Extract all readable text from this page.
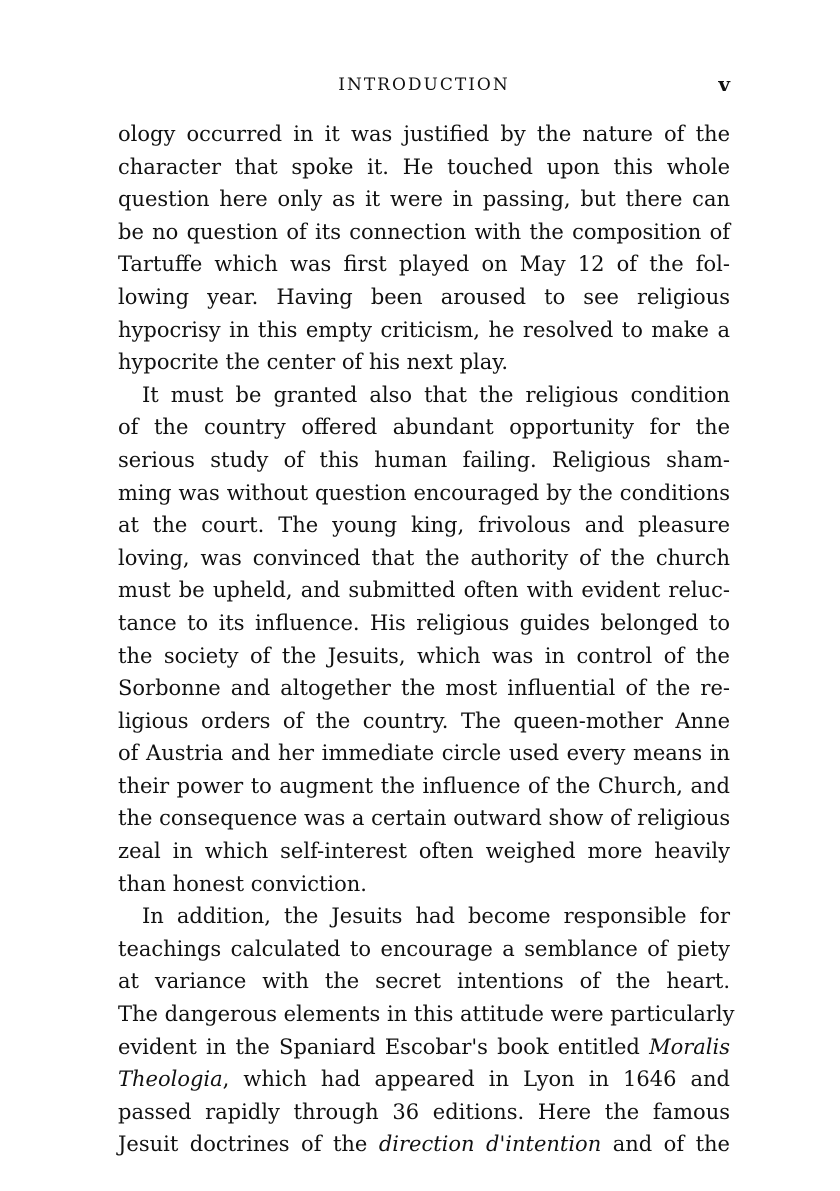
INTRODUCTION	v
ology occurred in it was justified by the nature of the
character that spoke it. He touched upon this whole
question here only as it were in passing, but there can
be no question of its connection with the composition of
Tartuffe which was first played on May 12 of the fol-
lowing year. Having been aroused to see religious
hypocrisy in this empty criticism, he resolved to make a
hypocrite the center of his next play.
It must be granted also that the religious condition
of the country offered abundant opportunity for the
serious study of this human failing. Religious sham-
ming was without question encouraged by the conditions
at the court. The young king, frivolous and pleasure
loving, was convinced that the authority of the church
must be upheld, and submitted often with evident reluc-
tance to its influence. His religious guides belonged to
the society of the Jesuits, which was in control of the
Sorbonne and altogether the most influential of the re-
ligious orders of the country. The queen-mother Anne
of Austria and her immediate circle used every means in
their power to augment the influence of the Church, and
the consequence was a certain outward show of religious
zeal in which self-interest often weighed more heavily
than honest conviction.
In addition, the Jesuits had become responsible for
teachings calculated to encourage a semblance of piety
at variance with the secret intentions of the heart.
The dangerous elements in this attitude were particularly
evident in the Spaniard Escobar's book entitled Moralis
Theologia, which had appeared in Lyon in 1646 and
passed rapidly through 36 editions. Here the famous
Jesuit doctrines of the direction d'intention and of the
